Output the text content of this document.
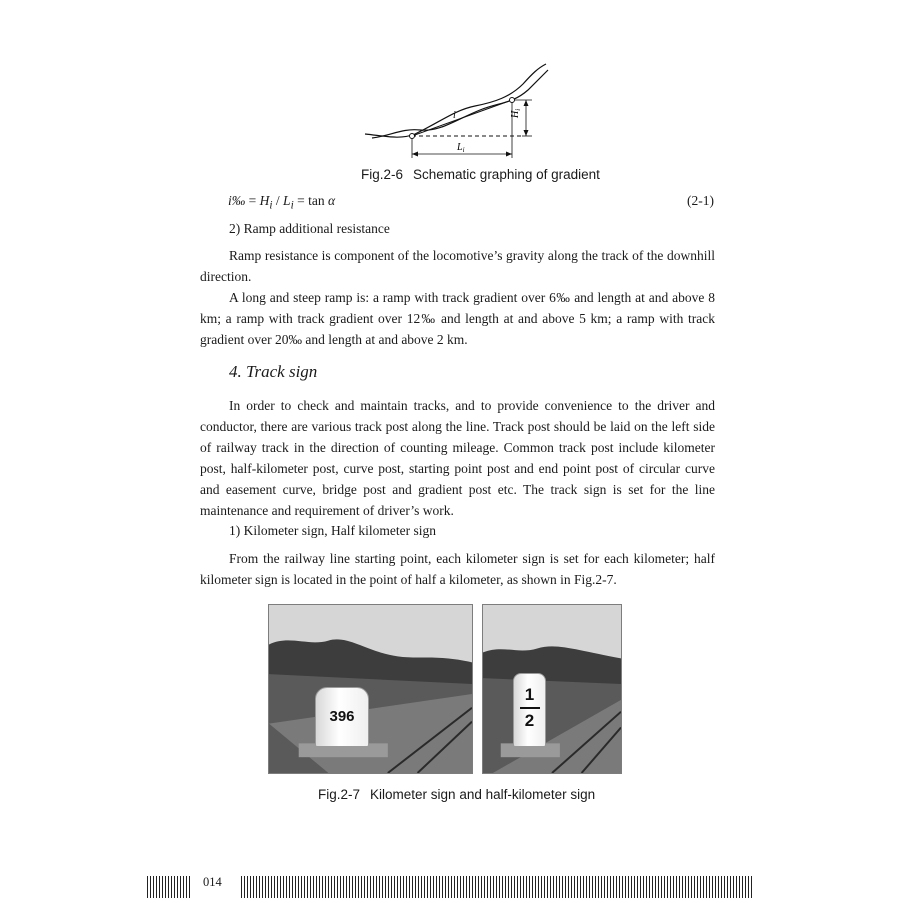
i	$H_i$
$L_i$
Fig.2-6 Schematic graphing of gradient
i‰ = $H_i / L_i = \tan \alpha$	(2-1)
2) Ramp additional resistance

Ramp resistance is component of the locomotive’s gravity along the track of the downhill direction.

A long and steep ramp is: a ramp with track gradient over 6‰ and length at and above 8 km; a ramp with track gradient over 12‰ and length at and above 5 km; a ramp with track gradient over 20‰ and length at and above 2 km.

4. Track sign

In order to check and maintain tracks, and to provide convenience to the driver and conductor, there are various track post along the line. Track post should be laid on the left side of railway track in the direction of counting mileage. Common track post include kilometer post, half-kilometer post, curve post, starting point post and end point post of circular curve and easement curve, bridge post and gradient post etc. The track sign is set for the line maintenance and requirement of driver’s work.

1) Kilometer sign, Half kilometer sign

From the railway line starting point, each kilometer sign is set for each kilometer; half kilometer sign is located in the point of half a kilometer, as shown in Fig.2-7.

396
1
2
Fig.2-7 Kilometer sign and half-kilometer sign
014
